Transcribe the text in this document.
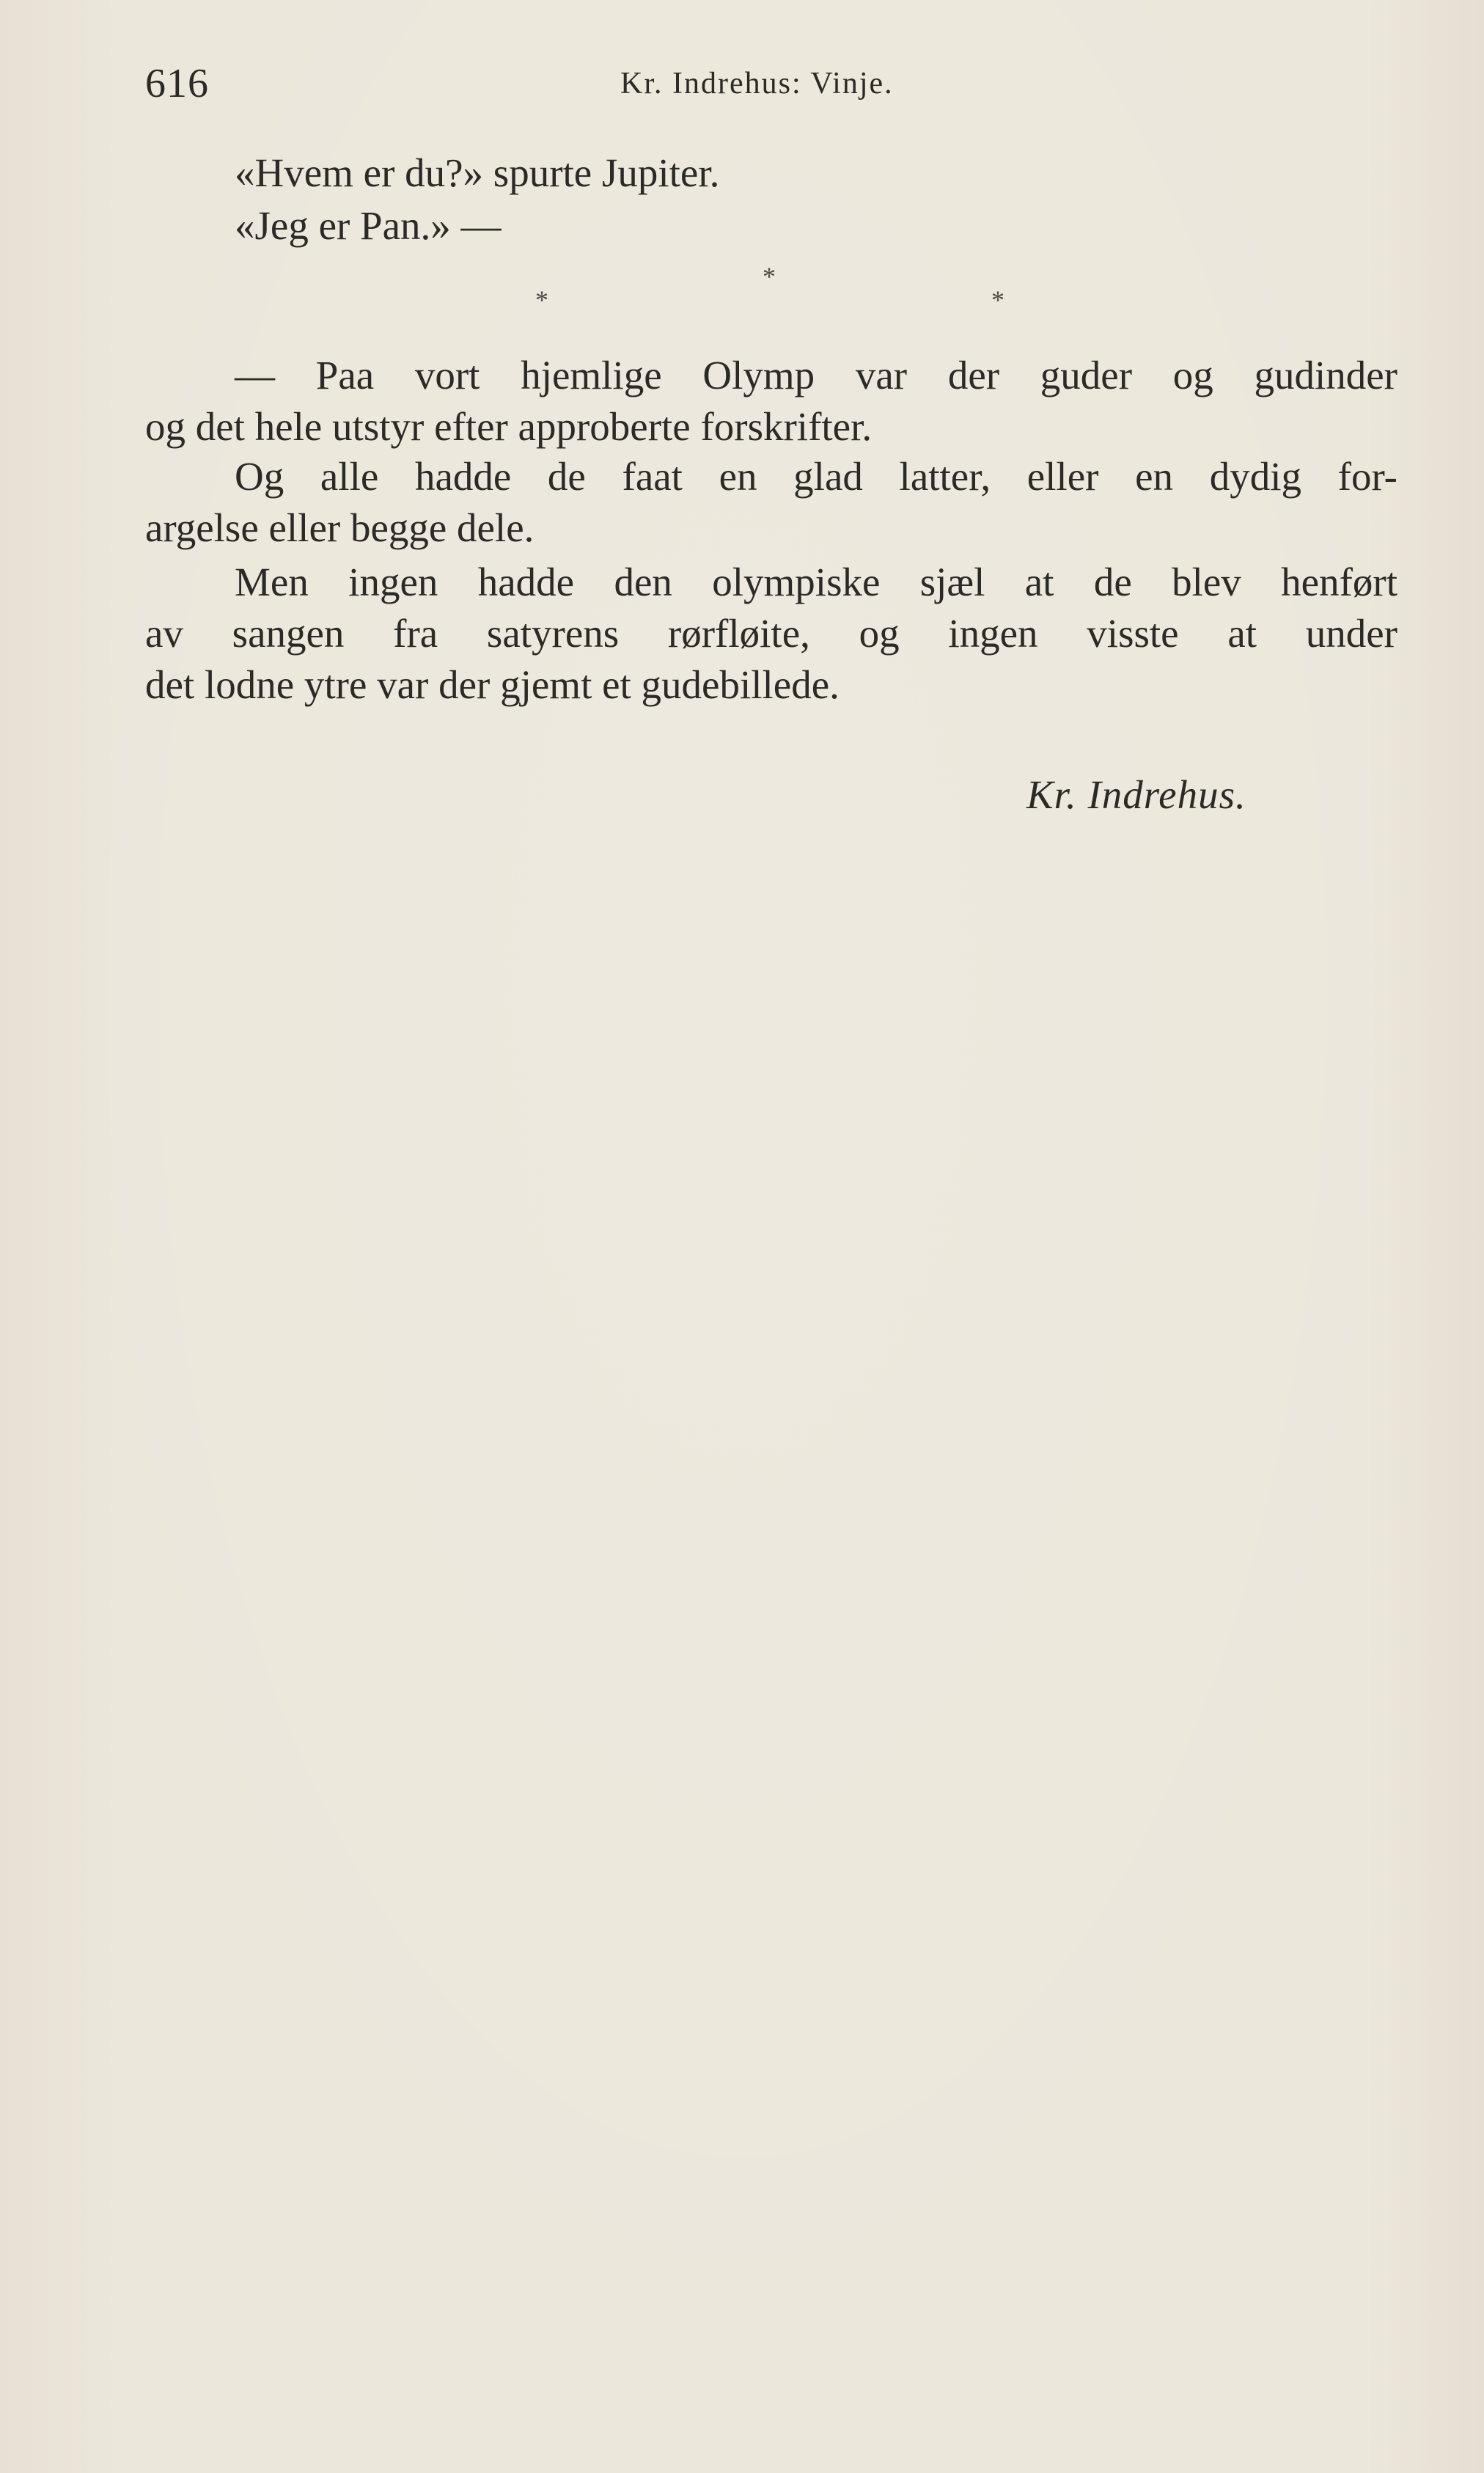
616	Kr. Indrehus: Vinje.
«Hvem er du?» spurte Jupiter.
«Jeg er Pan.» —
*
*	*
— Paa vort hjemlige Olymp var der guder og gudinder
og det hele utstyr efter approberte forskrifter.
Og alle hadde de faat en glad latter, eller en dydig for-
argelse eller begge dele.
Men ingen hadde den olympiske sjæl at de blev henført
av sangen fra satyrens rørfløite, og ingen visste at under
det lodne ytre var der gjemt et gudebillede.
Kr. Indrehus.
